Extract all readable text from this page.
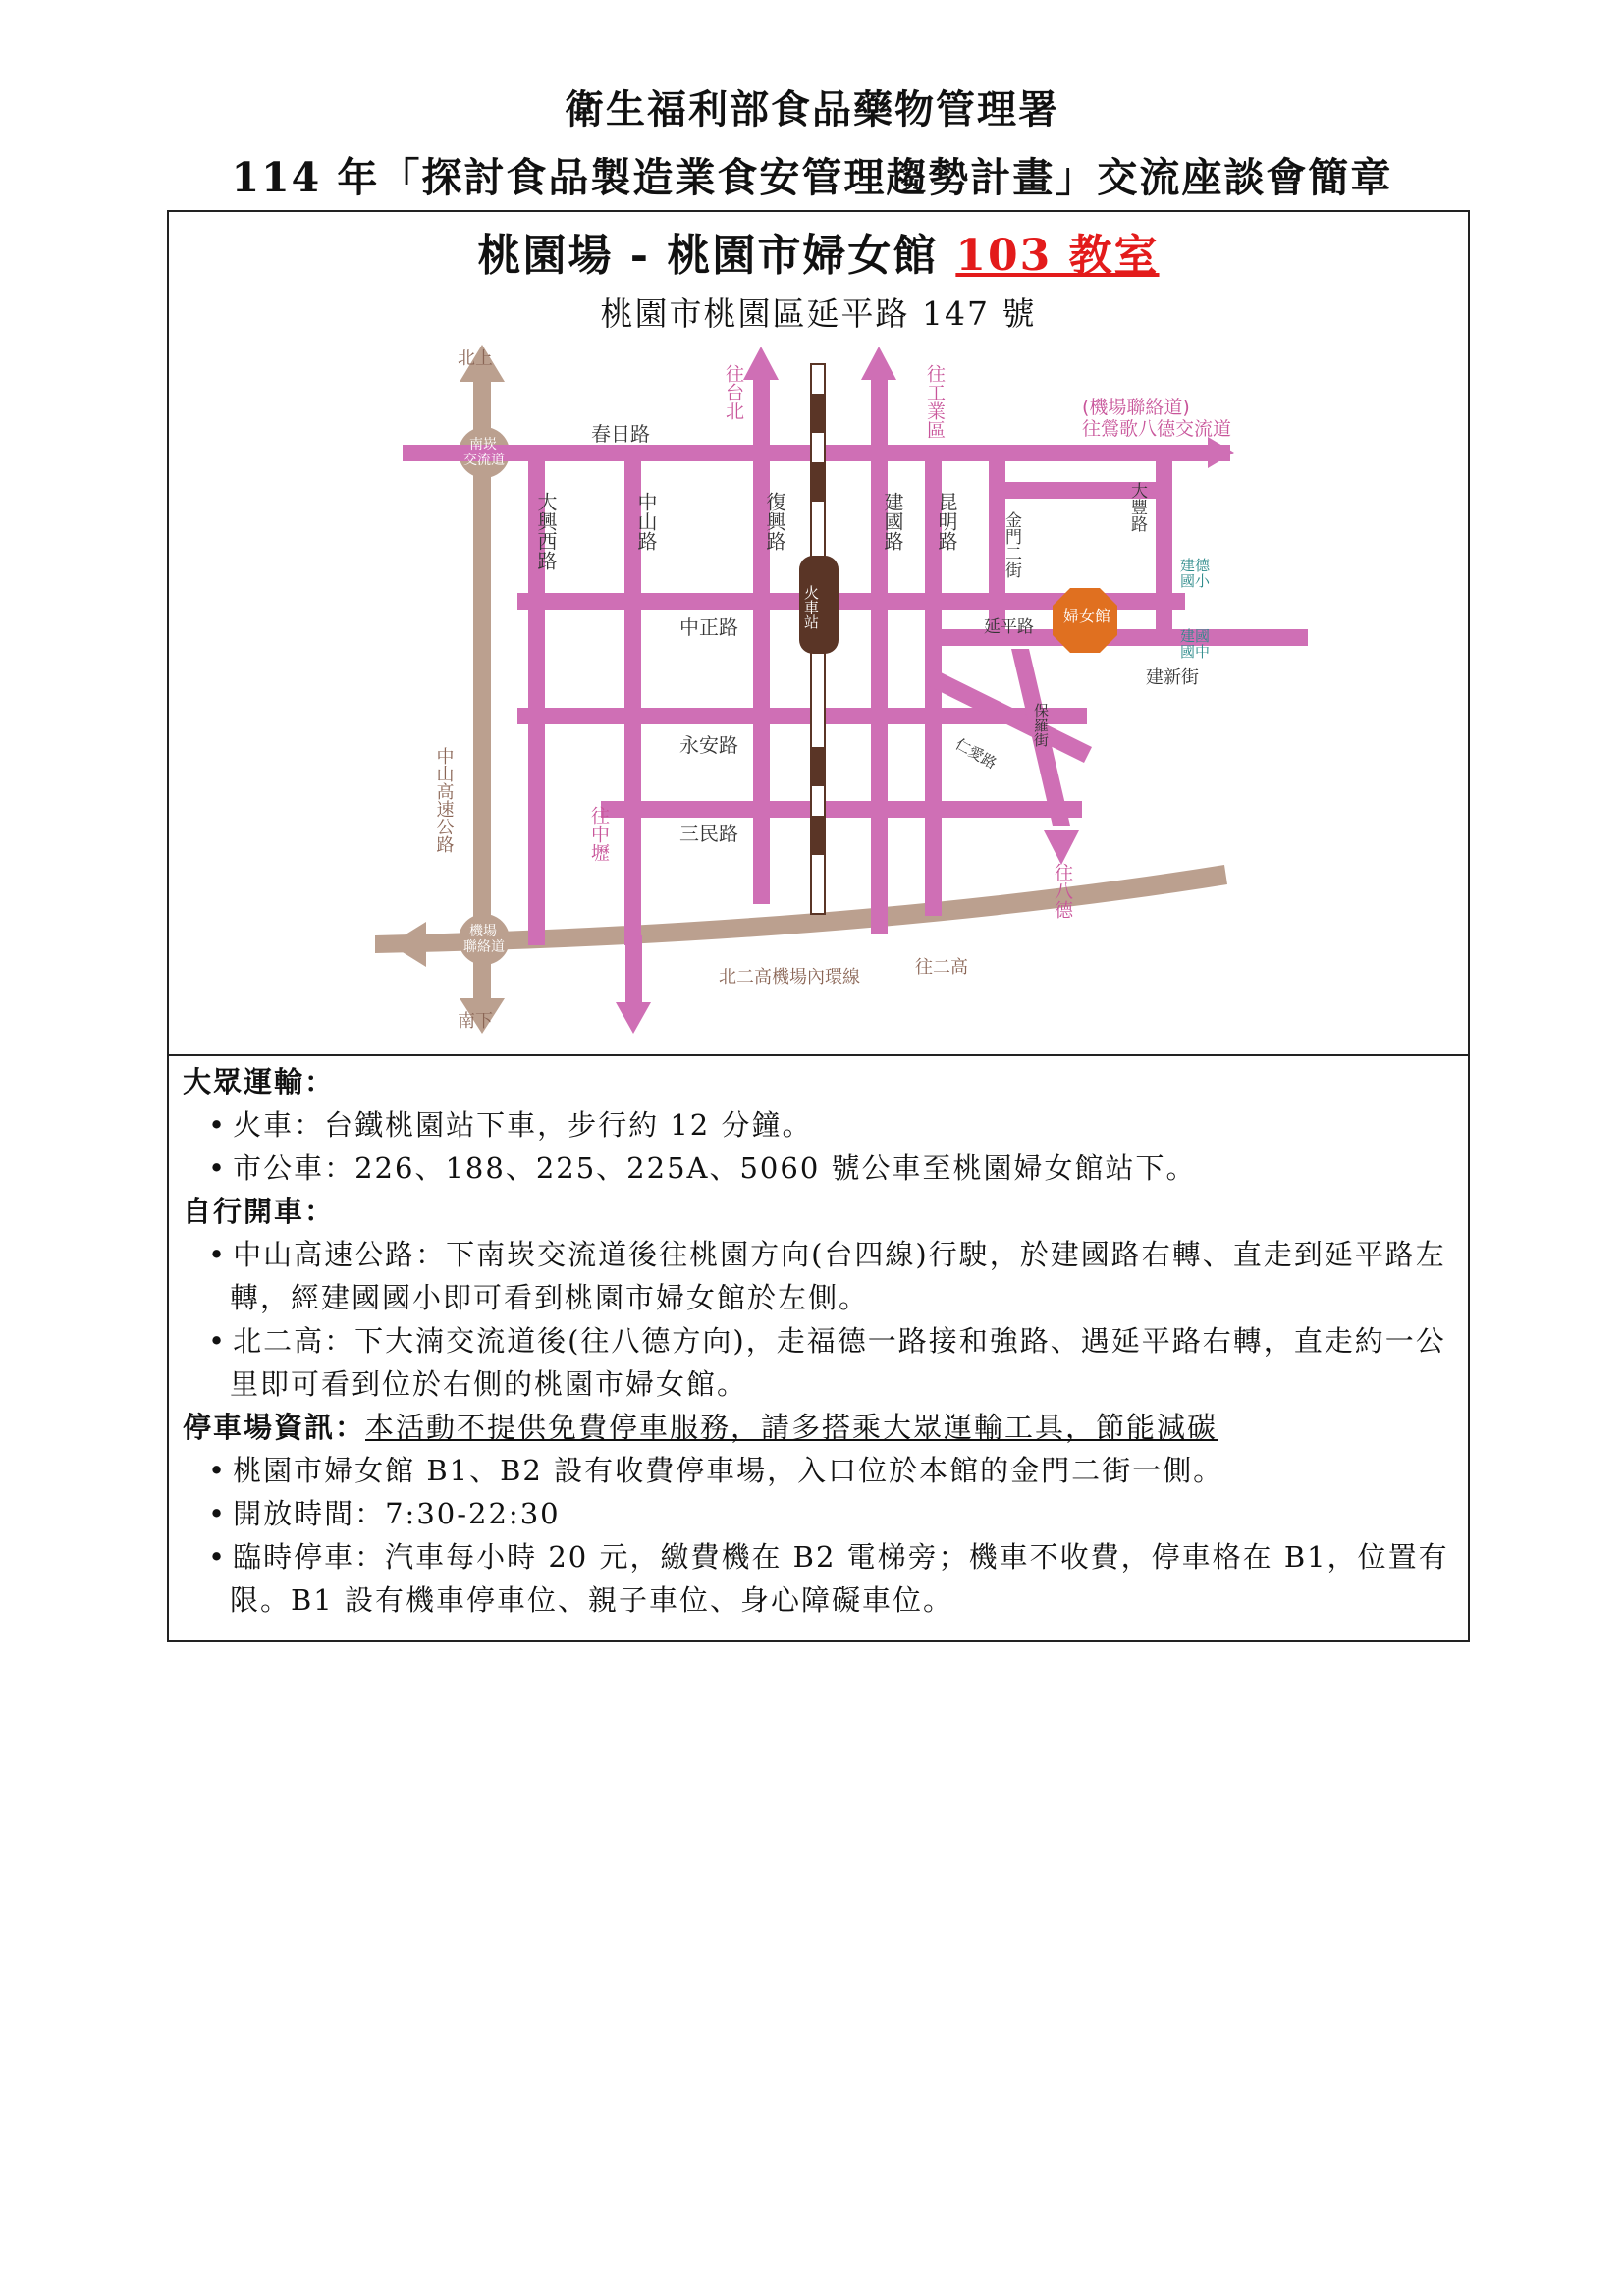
衛生福利部食品藥物管理署
114 年「探討食品製造業食安管理趨勢計畫」交流座談會簡章
桃園場 - 桃園市婦女館 103 教室
桃園市桃園區延平路 147 號
北上
南下
南崁
交流道
機場
聯絡道
中山高速公路
北二高機場內環線	往二高
往台北	往工業區	(機場聯絡道)
往鶯歌八德交流道
往中壢
往八德
春日路
大興西路	中山路	復興路	建國路 昆明路	金門二街
大豐路
婦女館
火車站
建德
國小
建國
國中
中正路	延平路
建新街
保羅街
仁愛路
永安路
三民路
大眾運輸：
• 火車：台鐵桃園站下車，步行約 12 分鐘。
• 市公車：226、188、225、225A、5060 號公車至桃園婦女館站下。
自行開車：
• 中山高速公路：下南崁交流道後往桃園方向(台四線)行駛，於建國路右轉、直走到延平路左轉，經建國國小即可看到桃園市婦女館於左側。
• 北二高：下大湳交流道後(往八德方向)，走福德一路接和強路、遇延平路右轉，直走約一公里即可看到位於右側的桃園市婦女館。
停車場資訊：本活動不提供免費停車服務，請多搭乘大眾運輸工具，節能減碳
• 桃園市婦女館 B1、B2 設有收費停車場，入口位於本館的金門二街一側。
• 開放時間：7:30-22:30
• 臨時停車：汽車每小時 20 元，繳費機在 B2 電梯旁；機車不收費，停車格在 B1，位置有限。B1 設有機車停車位、親子車位、身心障礙車位。
